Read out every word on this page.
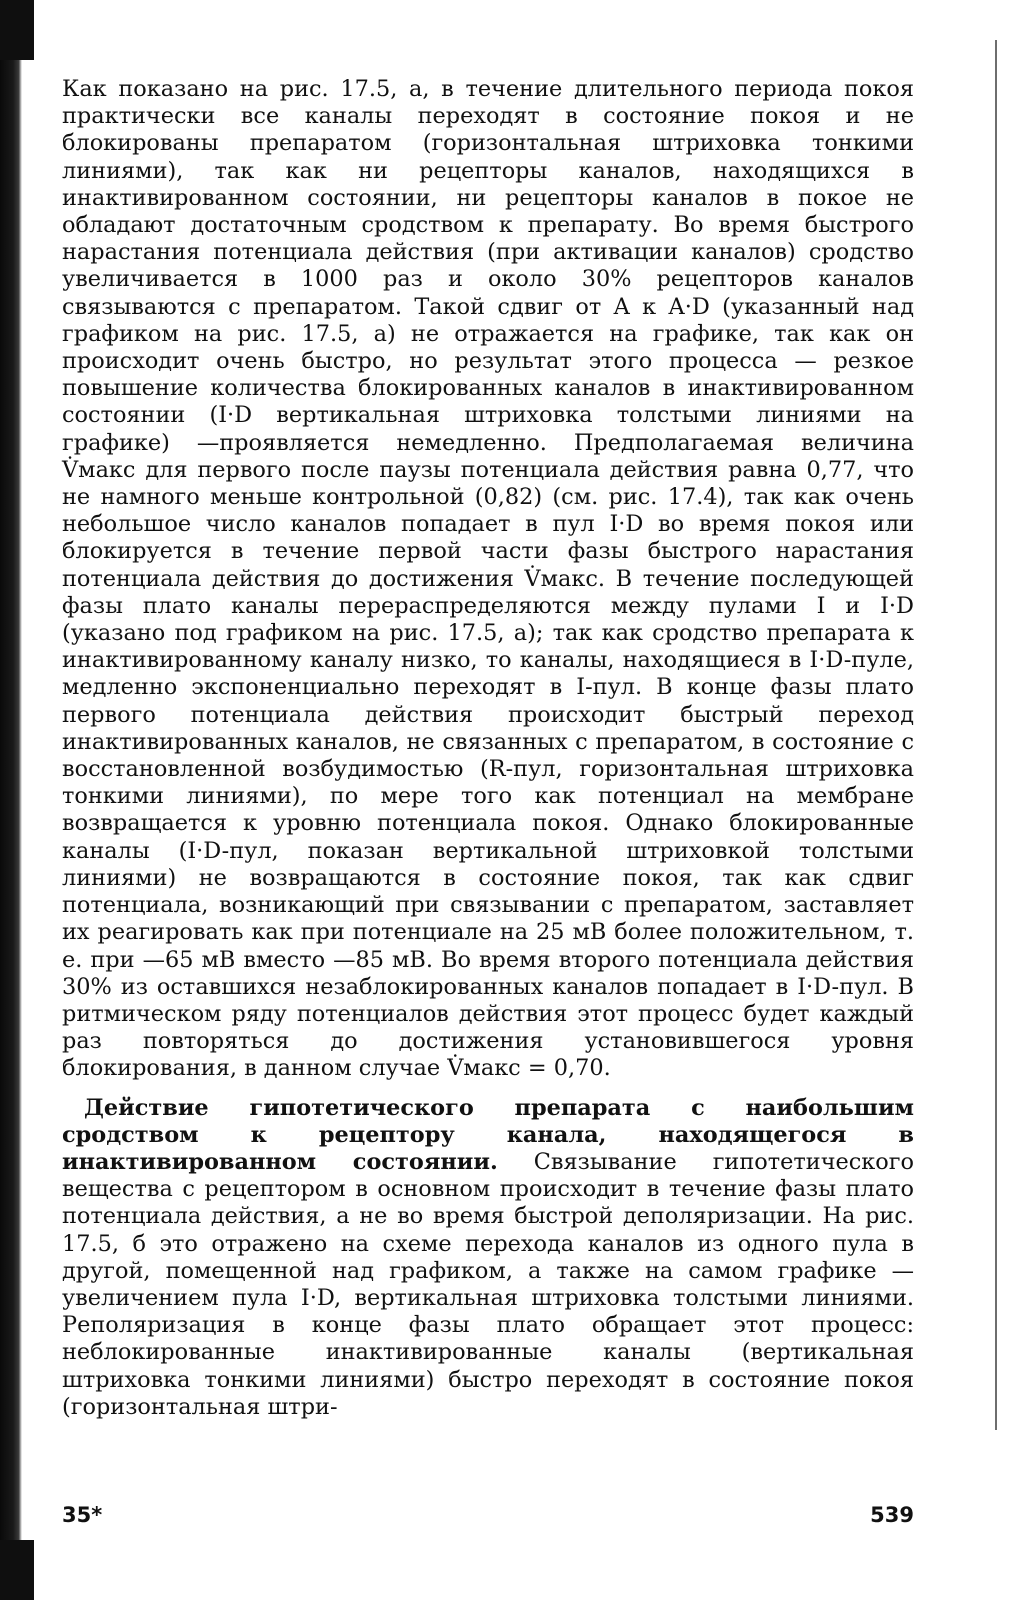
Как показано на рис. 17.5, а, в течение длительного периода покоя практически все каналы переходят в состояние покоя и не блокированы препаратом (горизонтальная штриховка тонкими линиями), так как ни рецепторы каналов, находящихся в инактивированном состоянии, ни рецепторы каналов в покое не обладают достаточным сродством к препарату. Во время быстрого нарастания потенциала действия (при активации каналов) сродство увеличивается в 1000 раз и около 30% рецепторов каналов связываются с препаратом. Такой сдвиг от A к A·D (указанный над графиком на рис. 17.5, а) не отражается на графике, так как он происходит очень быстро, но результат этого процесса — резкое повышение количества блокированных каналов в инактивированном состоянии (I·D вертикальная штриховка толстыми линиями на графике) —проявляется немедленно. Предполагаемая величина V̇макс для первого после паузы потенциала действия равна 0,77, что не намного меньше контрольной (0,82) (см. рис. 17.4), так как очень небольшое число каналов попадает в пул I·D во время покоя или блокируется в течение первой части фазы быстрого нарастания потенциала действия до достижения V̇макс. В течение последующей фазы плато каналы перераспределяются между пулами I и I·D (указано под графиком на рис. 17.5, а); так как сродство препарата к инактивированному каналу низко, то каналы, находящиеся в I·D-пуле, медленно экспоненциально переходят в I-пул. В конце фазы плато первого потенциала действия происходит быстрый переход инактивированных каналов, не связанных с препаратом, в состояние с восстановленной возбудимостью (R-пул, горизонтальная штриховка тонкими линиями), по мере того как потенциал на мембране возвращается к уровню потенциала покоя. Однако блокированные каналы (I·D-пул, показан вертикальной штриховкой толстыми линиями) не возвращаются в состояние покоя, так как сдвиг потенциала, возникающий при связывании с препаратом, заставляет их реагировать как при потенциале на 25 мВ более положительном, т. е. при —65 мВ вместо —85 мВ. Во время второго потенциала действия 30% из оставшихся незаблокированных каналов попадает в I·D-пул. В ритмическом ряду потенциалов действия этот процесс будет каждый раз повторяться до достижения установившегося уровня блокирования, в данном случае V̇макс = 0,70.

Действие гипотетического препарата с наибольшим сродством к рецептору канала, находящегося в инактивированном состоянии. Связывание гипотетического вещества с рецептором в основном происходит в течение фазы плато потенциала действия, а не во время быстрой деполяризации. На рис. 17.5, б это отражено на схеме перехода каналов из одного пула в другой, помещенной над графиком, а также на самом графике — увеличением пула I·D, вертикальная штриховка толстыми линиями. Реполяризация в конце фазы плато обращает этот процесс: неблокированные инактивированные каналы (вертикальная штриховка тонкими линиями) быстро переходят в состояние покоя (горизонтальная штри-

35*	539
